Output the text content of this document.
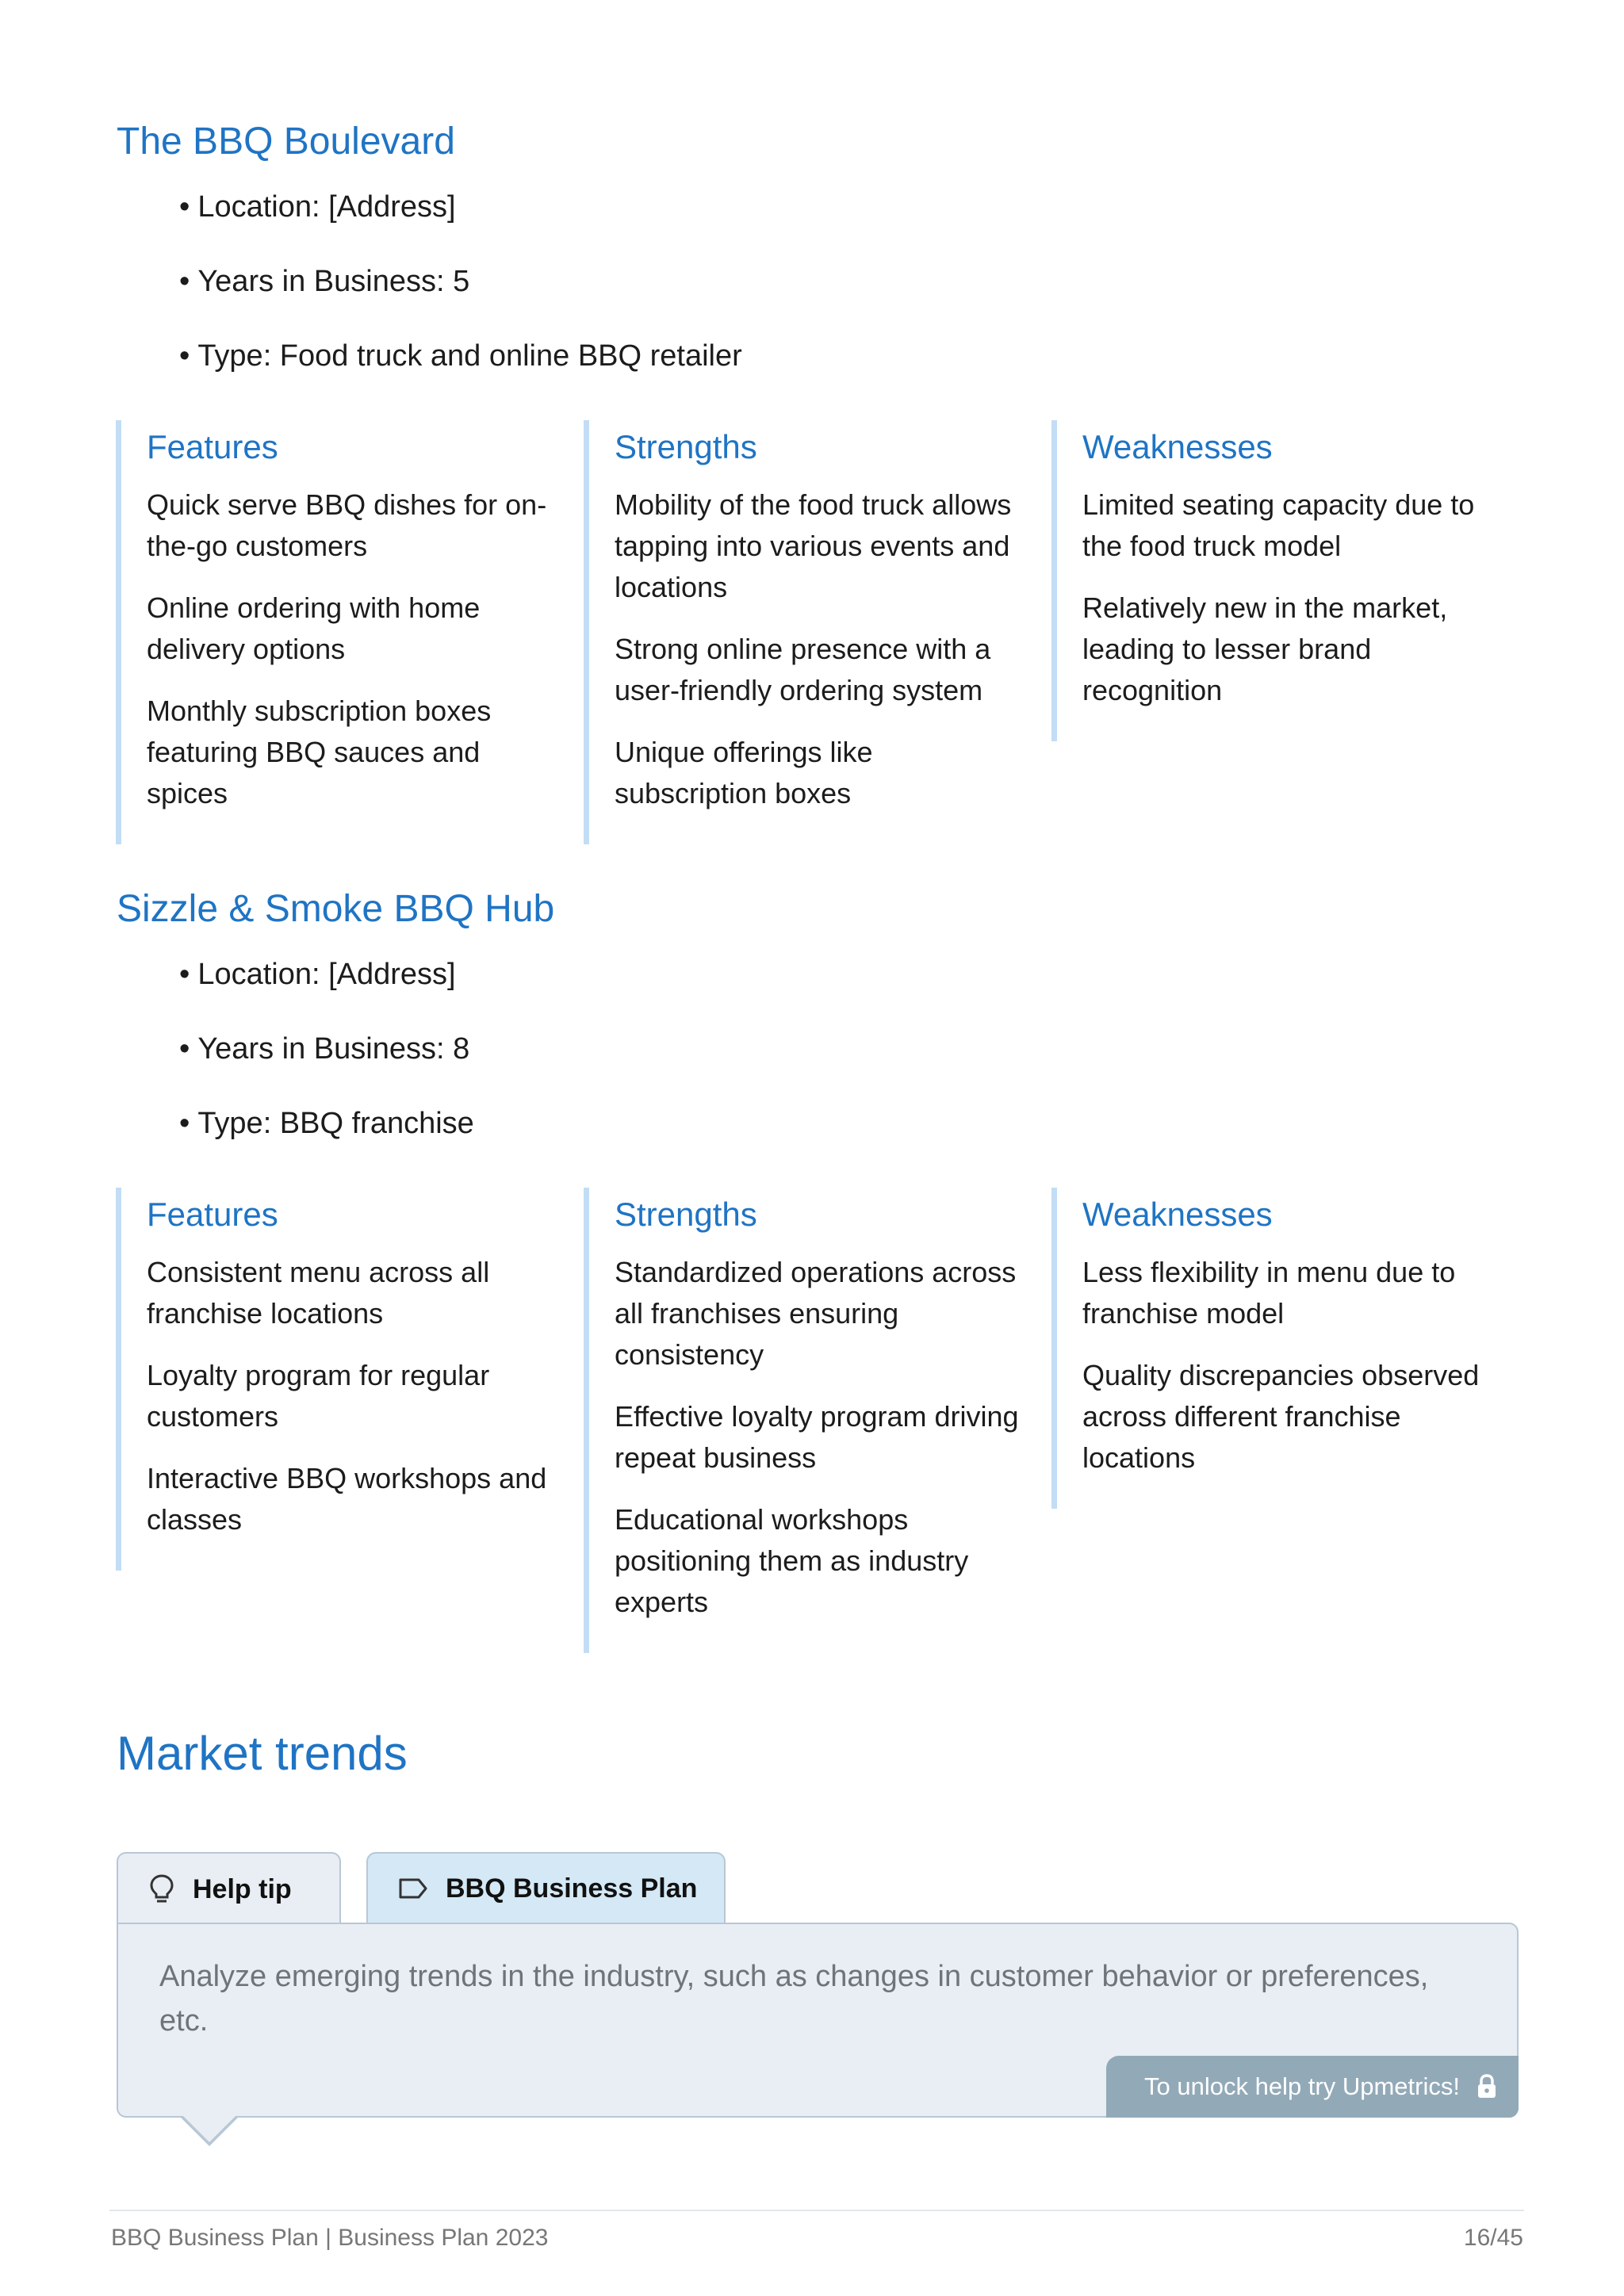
The BBQ Boulevard
• Location: [Address]
• Years in Business: 5
• Type: Food truck and online BBQ retailer
Features

Quick serve BBQ dishes for on-the-go customers

Online ordering with home delivery options

Monthly subscription boxes featuring BBQ sauces and spices

Strengths

Mobility of the food truck allows tapping into various events and locations

Strong online presence with a user-friendly ordering system

Unique offerings like subscription boxes

Weaknesses

Limited seating capacity due to the food truck model

Relatively new in the market, leading to lesser brand recognition

Sizzle & Smoke BBQ Hub
• Location: [Address]
• Years in Business: 8
• Type: BBQ franchise
Features

Consistent menu across all franchise locations

Loyalty program for regular customers

Interactive BBQ workshops and classes

Strengths

Standardized operations across all franchises ensuring consistency

Effective loyalty program driving repeat business

Educational workshops positioning them as industry experts

Weaknesses

Less flexibility in menu due to franchise model

Quality discrepancies observed across different franchise locations

Market trends
Help tip	BBQ Business Plan
Analyze emerging trends in the industry, such as changes in customer behavior or preferences, etc.
To unlock help try Upmetrics!
BBQ Business Plan | Business Plan 2023	16/45
